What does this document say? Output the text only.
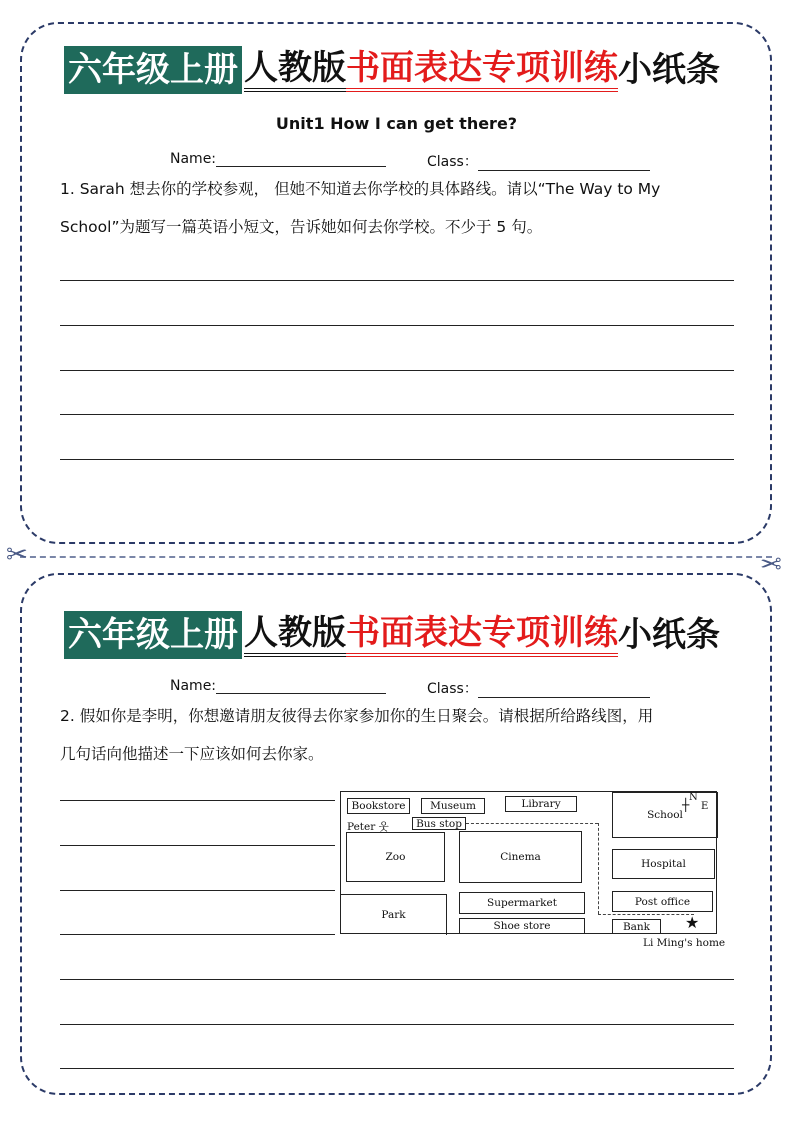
六年级上册 人教版 书面表达专项训练 小纸条
Unit1 How I can get there?
Name:	Class：
1. Sarah 想去你的学校参观， 但她不知道去你学校的具体路线。请以“The Way to My
School”为题写一篇英语小短文，告诉她如何去你学校。不少于 5 句。
✂	✂
六年级上册 人教版 书面表达专项训练 小纸条
Name:	Class：
2. 假如你是李明，你想邀请朋友彼得去你家参加你的生日聚会。请根据所给路线图，用
几句话向他描述一下应该如何去你家。
Bookstore	Museum	Library
School
N
┼ E
Peter 웃	Bus stop
Zoo	Cinema
Hospital
Supermarket	Post office
Park
Shoe store	Bank	★
Li Ming's home
